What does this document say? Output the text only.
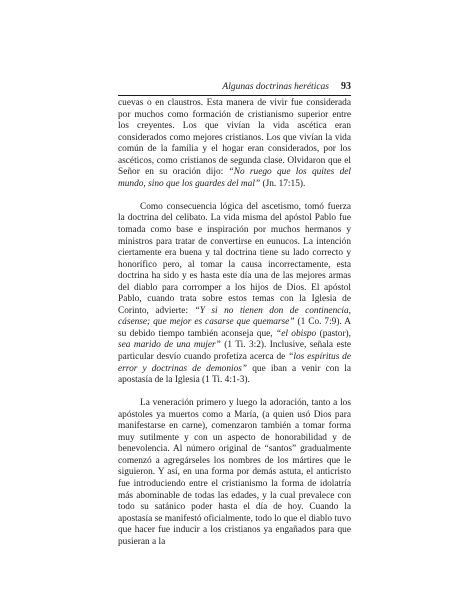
Algunas doctrinas heréticas 93

cuevas o en claustros. Esta manera de vivir fue considerada por muchos como formación de cristianismo superior entre los creyentes. Los que vivían la vida ascética eran considerados como mejores cristianos. Los que vivían la vida común de la familia y el hogar eran considerados, por los ascéticos, como cristianos de segunda clase. Olvidaron que el Señor en su oración dijo: “No ruego que los quites del mundo, sino que los guardes del mal” (Jn. 17:15).

Como consecuencia lógica del ascetismo, tomó fuerza la doctrina del celibato. La vida misma del apóstol Pablo fue tomada como base e inspiración por muchos hermanos y ministros para tratar de convertirse en eunucos. La intención ciertamente era buena y tal doctrina tiene su lado correcto y honorífico pero, al tomar la causa incorrectamente, esta doctrina ha sido y es hasta este día una de las mejores armas del diablo para corromper a los hijos de Dios. El apóstol Pablo, cuando trata sobre estos temas con la Iglesia de Corinto, advierte: “Y si no tienen don de continencia, cásense; que mejor es casarse que quemarse” (1 Co. 7:9). A su debido tiempo también aconseja que, “el obispo (pastor), sea marido de una mujer” (1 Ti. 3:2). Inclusive, señala este particular desvío cuando profetiza acerca de “los espíritus de error y doctrinas de demonios” que iban a venir con la apostasía de la Iglesia (1 Ti. 4:1-3).

La veneración primero y luego la adoración, tanto a los apóstoles ya muertos como a María, (a quien usó Dios para manifestarse en carne), comenzaron también a tomar forma muy sutilmente y con un aspecto de honorabilidad y de benevolencia. Al número original de “santos” gradualmente comenzó a agregárseles los nombres de los mártires que le siguieron. Y así, en una forma por demás astuta, el anticristo fue introduciendo entre el cristianismo la forma de idolatría más abominable de todas las edades, y la cual prevalece con todo su satánico poder hasta el día de hoy. Cuando la apostasía se manifestó oficialmente, todo lo que el diablo tuvo que hacer fue inducir a los cristianos ya engañados para que pusieran a la
